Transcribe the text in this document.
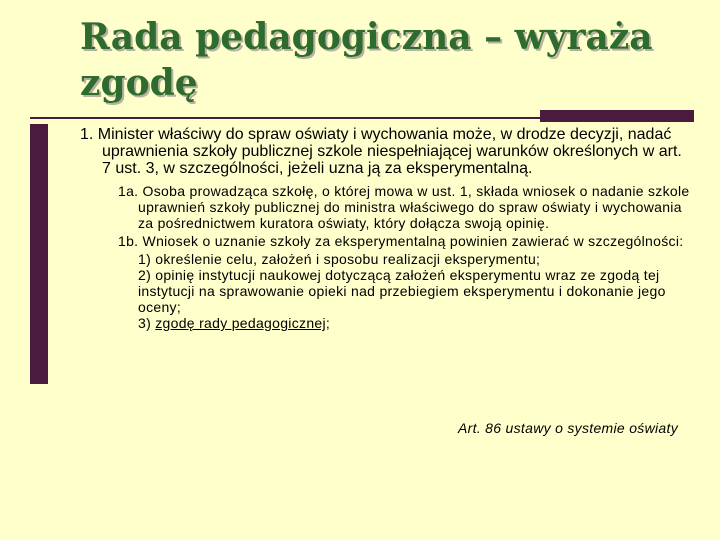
Rada pedagogiczna – wyraża zgodę

1. Minister właściwy do spraw oświaty i wychowania może, w drodze decyzji, nadać uprawnienia szkoły publicznej szkole niespełniającej warunków określonych w art. 7 ust. 3, w szczególności, jeżeli uzna ją za eksperymentalną.

1a. Osoba prowadząca szkołę, o której mowa w ust. 1, składa wniosek o nadanie szkole uprawnień szkoły publicznej do ministra właściwego do spraw oświaty i wychowania za pośrednictwem kuratora oświaty, który dołącza swoją opinię.

1b. Wniosek o uznanie szkoły za eksperymentalną powinien zawierać w szczególności:

1) określenie celu, założeń i sposobu realizacji eksperymentu;

2) opinię instytucji naukowej dotyczącą założeń eksperymentu wraz ze zgodą tej instytucji na sprawowanie opieki nad przebiegiem eksperymentu i dokonanie jego oceny;

3) zgodę rady pedagogicznej;

Art. 86 ustawy o systemie oświaty
